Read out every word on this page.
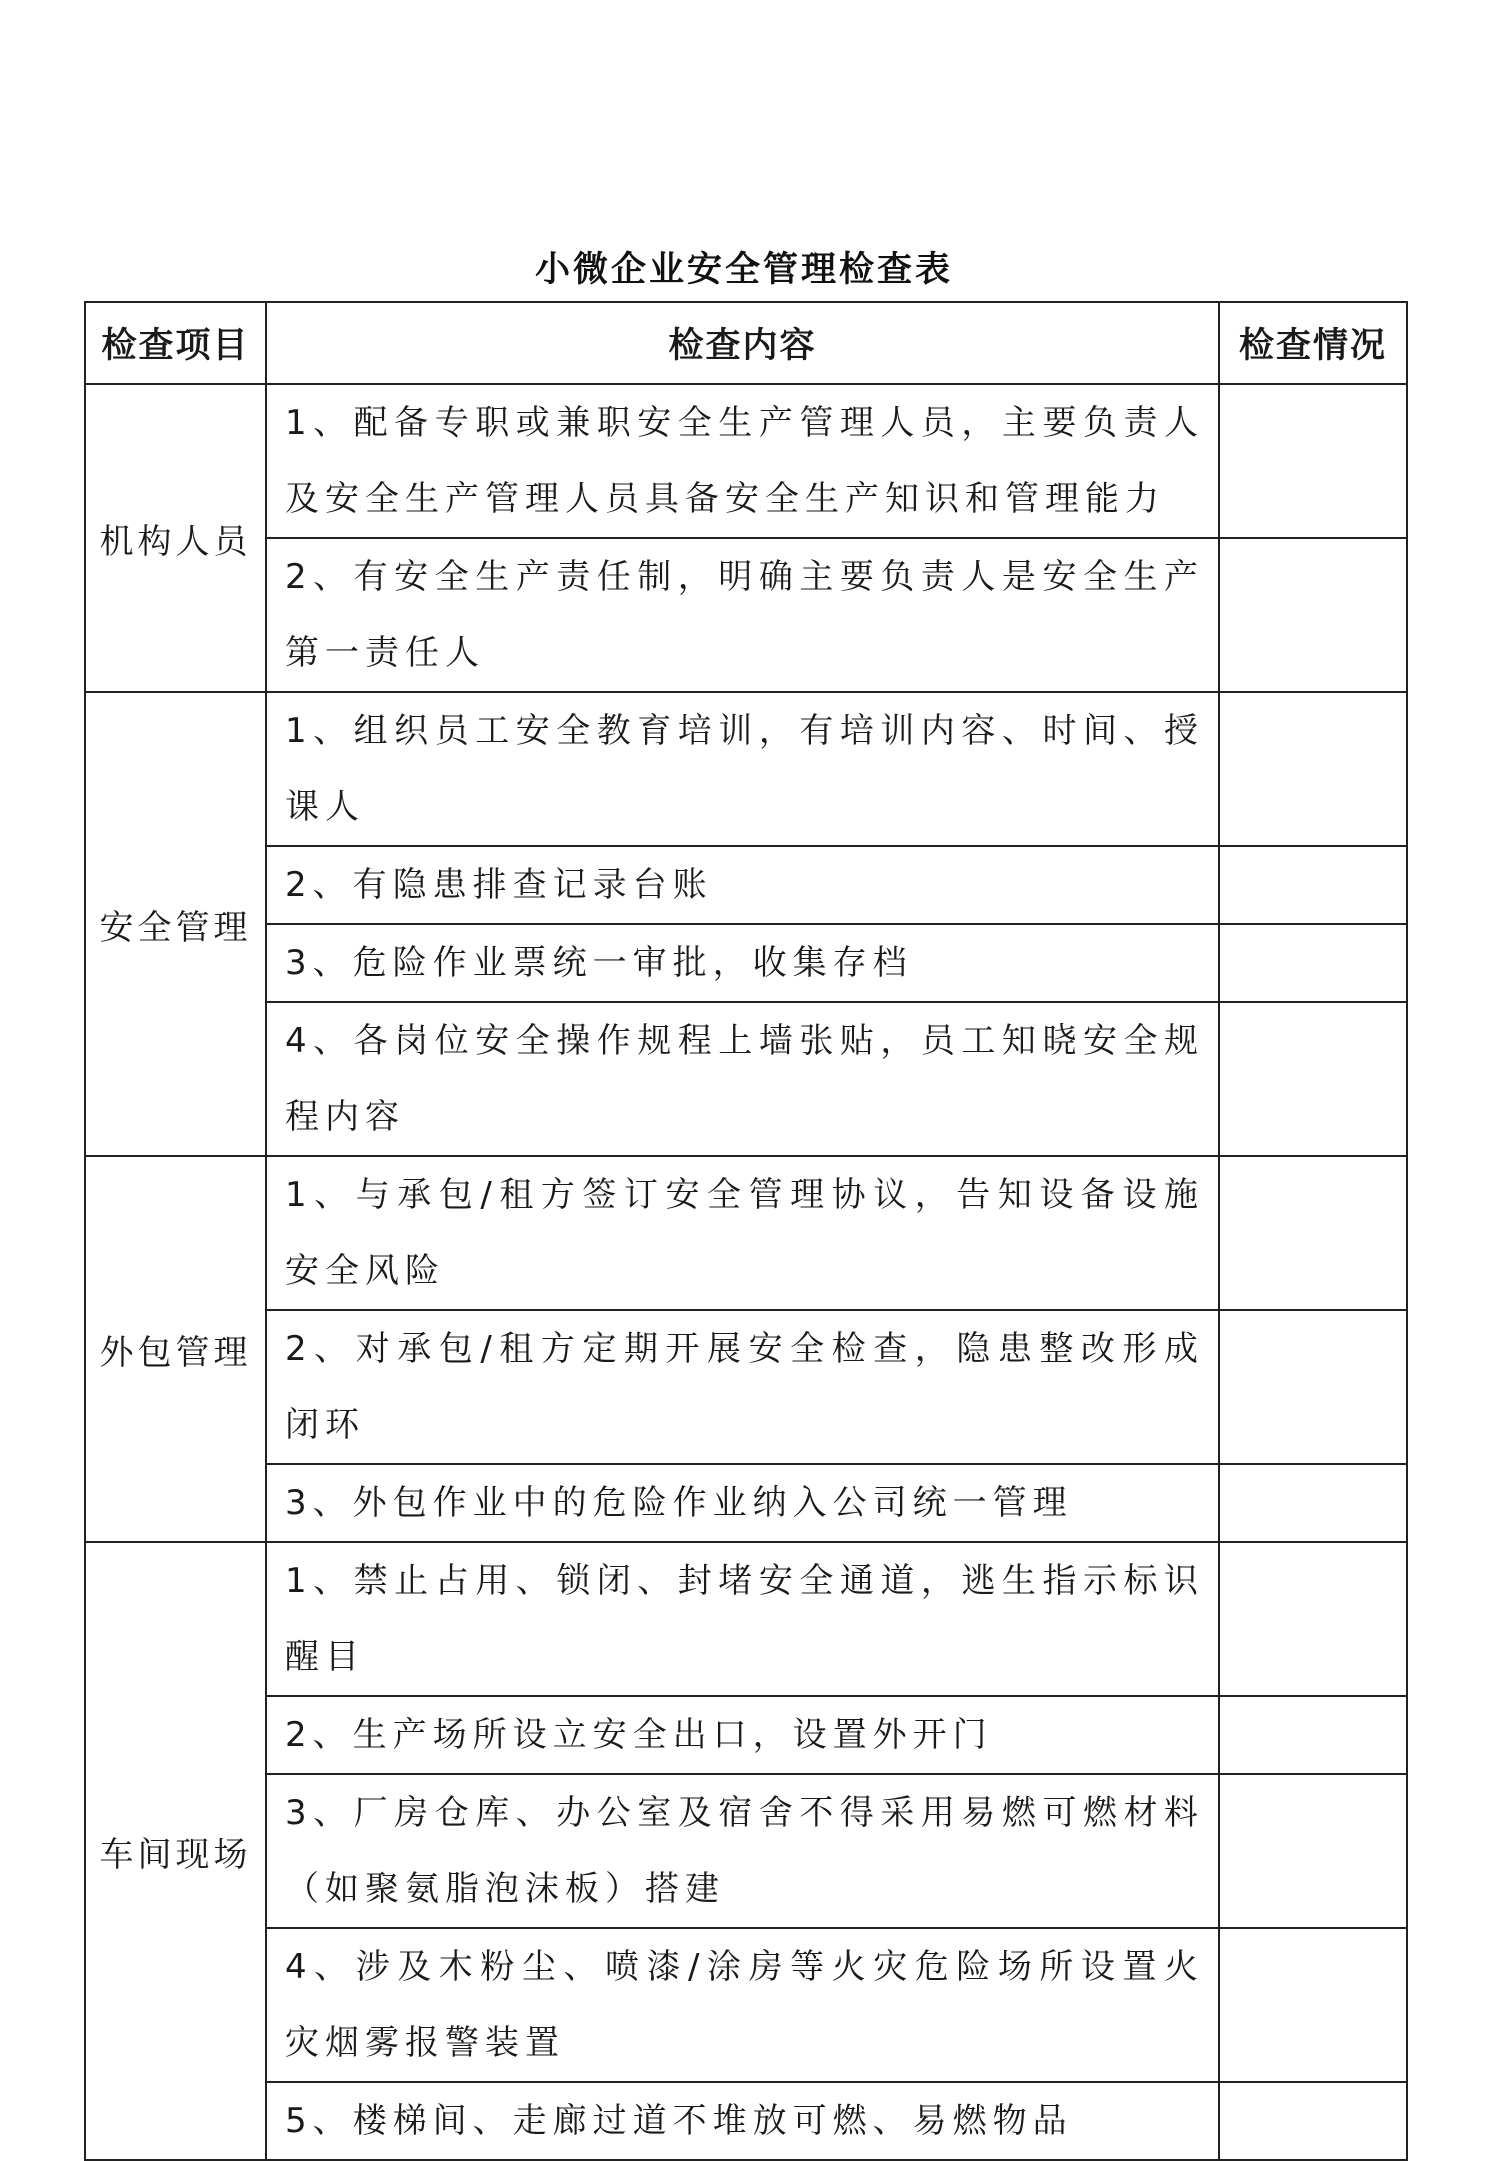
小微企业安全管理检查表
检查项目	检查内容	检查情况
机构人员	1、配备专职或兼职安全生产管理人员，主要负责人及安全生产管理人员具备安全生产知识和管理能力	
	2、有安全生产责任制，明确主要负责人是安全生产第一责任人	
安全管理	1、组织员工安全教育培训，有培训内容、时间、授课人	
	2、有隐患排查记录台账	
	3、危险作业票统一审批，收集存档	
	4、各岗位安全操作规程上墙张贴，员工知晓安全规程内容	
外包管理	1、与承包/租方签订安全管理协议，告知设备设施安全风险	
	2、对承包/租方定期开展安全检查，隐患整改形成闭环	
	3、外包作业中的危险作业纳入公司统一管理	
车间现场	1、禁止占用、锁闭、封堵安全通道，逃生指示标识醒目	
	2、生产场所设立安全出口，设置外开门	
	3、厂房仓库、办公室及宿舍不得采用易燃可燃材料（如聚氨脂泡沫板）搭建	
	4、涉及木粉尘、喷漆/涂房等火灾危险场所设置火灾烟雾报警装置	
	5、楼梯间、走廊过道不堆放可燃、易燃物品	
